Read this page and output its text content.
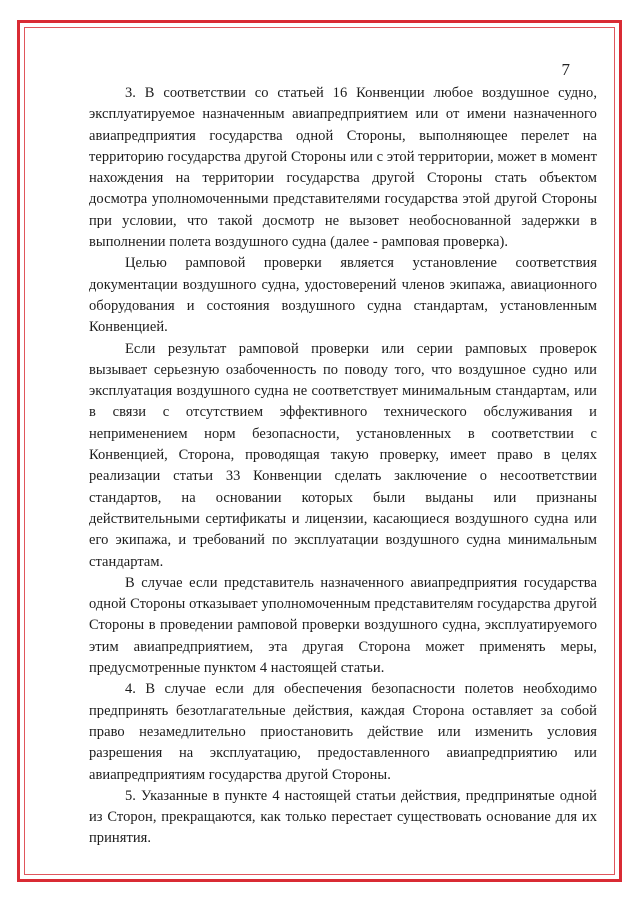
7

3. В соответствии со статьей 16 Конвенции любое воздушное судно, эксплуатируемое назначенным авиапредприятием или от имени назначенного авиапредприятия государства одной Стороны, выполняющее перелет на территорию государства другой Стороны или с этой территории, может в момент нахождения на территории государства другой Стороны стать объектом досмотра уполномоченными представителями государства этой другой Стороны при условии, что такой досмотр не вызовет необоснованной задержки в выполнении полета воздушного судна (далее - рамповая проверка).

Целью рамповой проверки является установление соответствия документации воздушного судна, удостоверений членов экипажа, авиационного оборудования и состояния воздушного судна стандартам, установленным Конвенцией.

Если результат рамповой проверки или серии рамповых проверок вызывает серьезную озабоченность по поводу того, что воздушное судно или эксплуатация воздушного судна не соответствует минимальным стандартам, или в связи с отсутствием эффективного технического обслуживания и неприменением норм безопасности, установленных в соответствии с Конвенцией, Сторона, проводящая такую проверку, имеет право в целях реализации статьи 33 Конвенции сделать заключение о несоответствии стандартов, на основании которых были выданы или признаны действительными сертификаты и лицензии, касающиеся воздушного судна или его экипажа, и требований по эксплуатации воздушного судна минимальным стандартам.

В случае если представитель назначенного авиапредприятия государства одной Стороны отказывает уполномоченным представителям государства другой Стороны в проведении рамповой проверки воздушного судна, эксплуатируемого этим авиапредприятием, эта другая Сторона может применять меры, предусмотренные пунктом 4 настоящей статьи.

4. В случае если для обеспечения безопасности полетов необходимо предпринять безотлагательные действия, каждая Сторона оставляет за собой право незамедлительно приостановить действие или изменить условия разрешения на эксплуатацию, предоставленного авиапредприятию или авиапредприятиям государства другой Стороны.

5. Указанные в пункте 4 настоящей статьи действия, предпринятые одной из Сторон, прекращаются, как только перестает существовать основание для их принятия.
